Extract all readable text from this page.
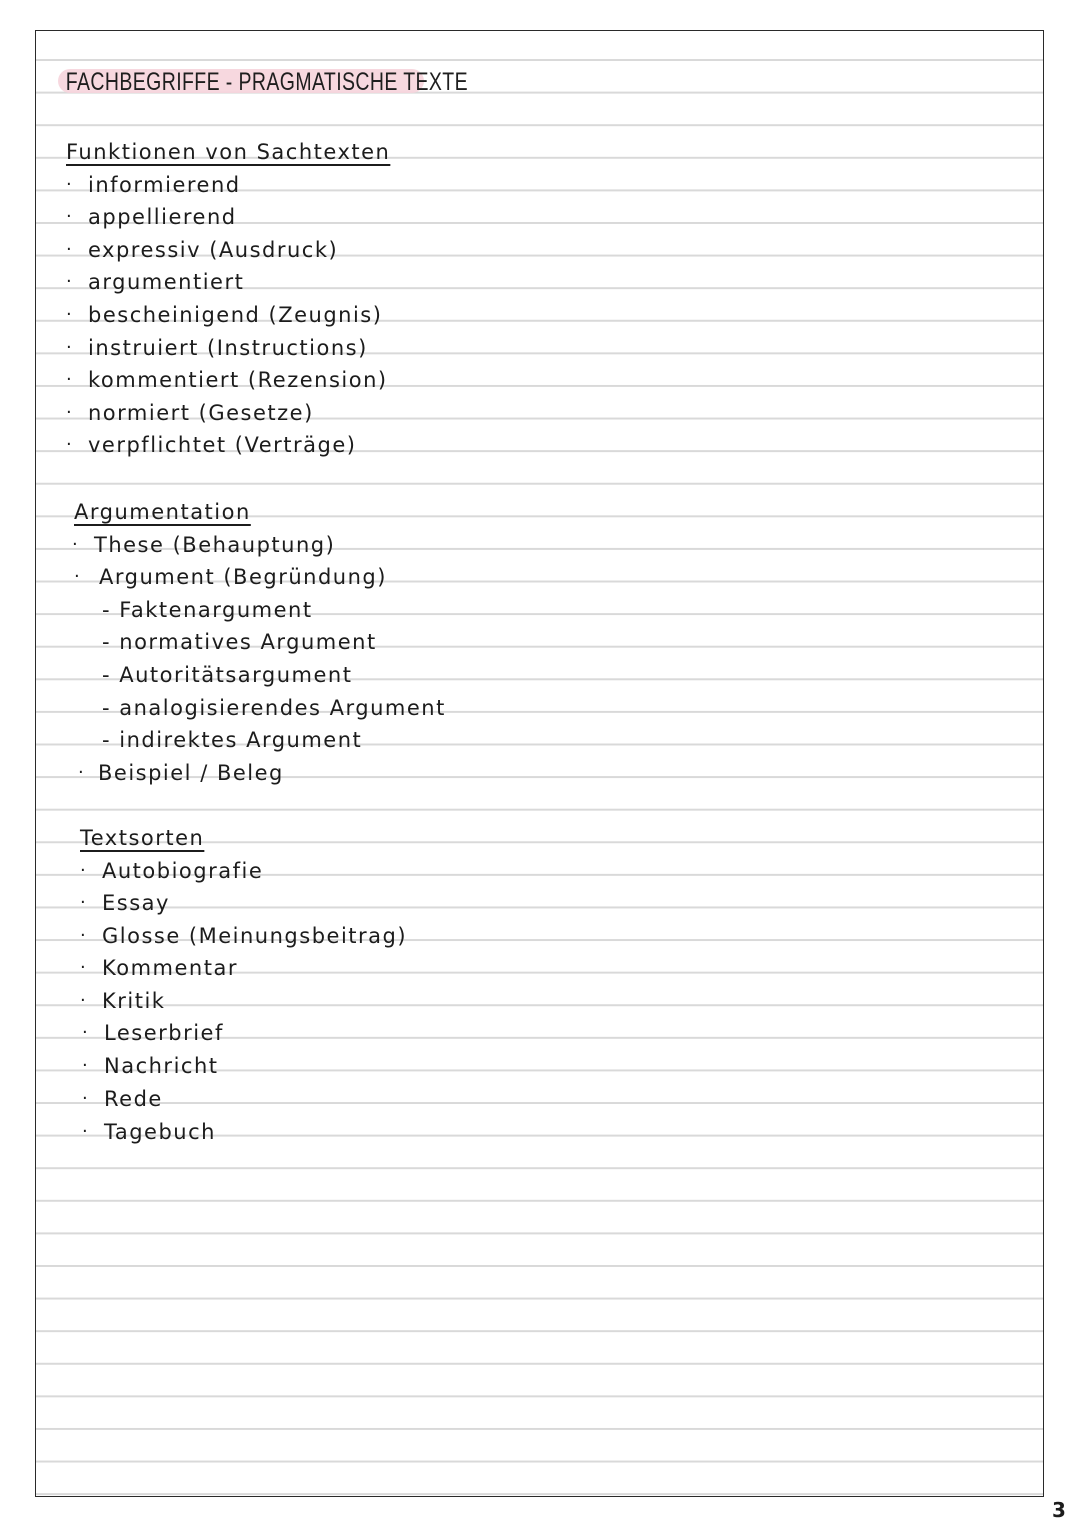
FACHBEGRIFFE - PRAGMATISCHE TEXTE
Funktionen von Sachtexten
· informierend
· appellierend
· expressiv (Ausdruck)
· argumentiert
· bescheinigend (Zeugnis)
· instruiert (Instructions)
· kommentiert (Rezension)
· normiert (Gesetze)
· verpflichtet (Verträge)
Argumentation
· These (Behauptung)
· Argument (Begründung)
- Faktenargument
- normatives Argument
- Autoritätsargument
- analogisierendes Argument
- indirektes Argument
· Beispiel / Beleg
Textsorten
· Autobiografie
· Essay
· Glosse (Meinungsbeitrag)
· Kommentar
· Kritik
· Leserbrief
· Nachricht
· Rede
· Tagebuch
3
